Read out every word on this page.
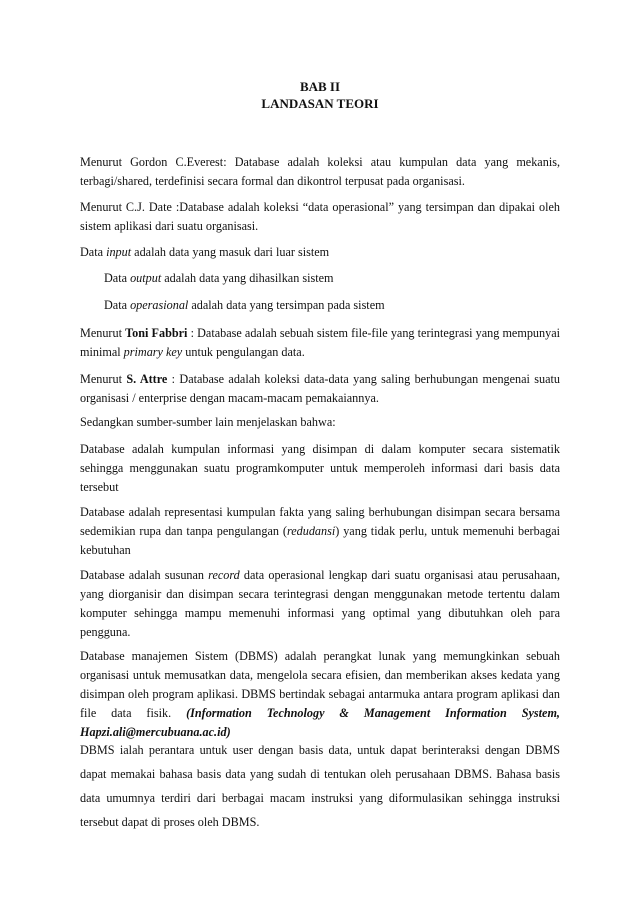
BAB II
LANDASAN TEORI

Menurut Gordon C.Everest: Database adalah koleksi atau kumpulan data yang mekanis, terbagi/shared, terdefinisi secara formal dan dikontrol terpusat pada organisasi.

Menurut C.J. Date :Database adalah koleksi “data operasional” yang tersimpan dan dipakai oleh sistem aplikasi dari suatu organisasi.

Data input adalah data yang masuk dari luar sistem

Data output adalah data yang dihasilkan sistem

Data operasional adalah data yang tersimpan pada sistem

Menurut Toni Fabbri : Database adalah sebuah sistem file-file yang terintegrasi yang mempunyai minimal primary key untuk pengulangan data.

Menurut S. Attre : Database adalah koleksi data-data yang saling berhubungan mengenai suatu organisasi / enterprise dengan macam-macam pemakaiannya.

Sedangkan sumber-sumber lain menjelaskan bahwa:

Database adalah kumpulan informasi yang disimpan di dalam komputer secara sistematik sehingga menggunakan suatu programkomputer untuk memperoleh informasi dari basis data tersebut

Database adalah representasi kumpulan fakta yang saling berhubungan disimpan secara bersama sedemikian rupa dan tanpa pengulangan (redudansi) yang tidak perlu, untuk memenuhi berbagai kebutuhan

Database adalah susunan record data operasional lengkap dari suatu organisasi atau perusahaan, yang diorganisir dan disimpan secara terintegrasi dengan menggunakan metode tertentu dalam komputer sehingga mampu memenuhi informasi yang optimal yang dibutuhkan oleh para pengguna.

Database manajemen Sistem (DBMS) adalah perangkat lunak yang memungkinkan sebuah organisasi untuk memusatkan data, mengelola secara efisien, dan memberikan akses kedata yang disimpan oleh program aplikasi. DBMS bertindak sebagai antarmuka antara program aplikasi dan file data fisik. (Information Technology & Management Information System, Hapzi.ali@mercubuana.ac.id)

DBMS ialah perantara untuk user dengan basis data, untuk dapat berinteraksi dengan DBMS dapat memakai bahasa basis data yang sudah di tentukan oleh perusahaan DBMS. Bahasa basis data umumnya terdiri dari berbagai macam instruksi yang diformulasikan sehingga instruksi tersebut dapat di proses oleh DBMS.
